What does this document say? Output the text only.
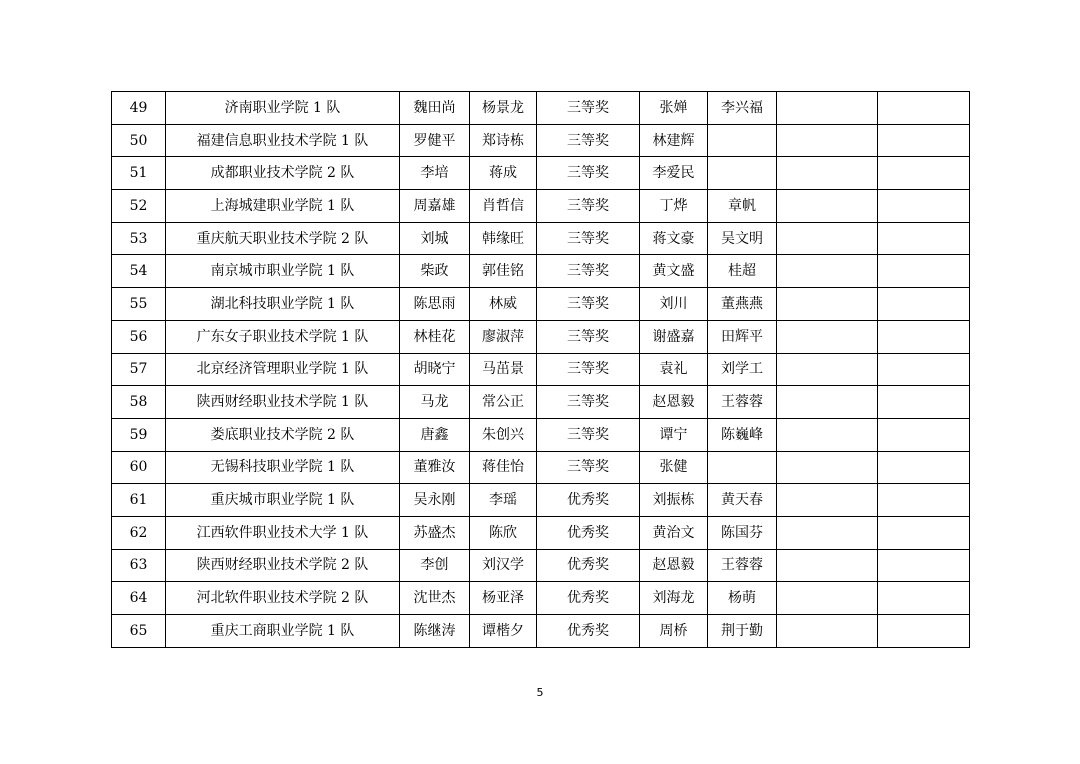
49	济南职业学院 1 队	魏田尚	杨景龙	三等奖	张婵	李兴福		
50	福建信息职业技术学院 1 队	罗健平	郑诗栋	三等奖	林建辉			
51	成都职业技术学院 2 队	李培	蒋成	三等奖	李爱民			
52	上海城建职业学院 1 队	周嘉雄	肖哲信	三等奖	丁烨	章帆		
53	重庆航天职业技术学院 2 队	刘城	韩缘旺	三等奖	蒋文豪	吴文明		
54	南京城市职业学院 1 队	柴政	郭佳铭	三等奖	黄文盛	桂超		
55	湖北科技职业学院 1 队	陈思雨	林威	三等奖	刘川	董燕燕		
56	广东女子职业技术学院 1 队	林桂花	廖淑萍	三等奖	谢盛嘉	田辉平		
57	北京经济管理职业学院 1 队	胡晓宁	马茁景	三等奖	袁礼	刘学工		
58	陕西财经职业技术学院 1 队	马龙	常公正	三等奖	赵恩毅	王蓉蓉		
59	娄底职业技术学院 2 队	唐鑫	朱创兴	三等奖	谭宁	陈巍峰		
60	无锡科技职业学院 1 队	董雅汝	蒋佳怡	三等奖	张健			
61	重庆城市职业学院 1 队	吴永刚	李瑶	优秀奖	刘振栋	黄天春		
62	江西软件职业技术大学 1 队	苏盛杰	陈欣	优秀奖	黄治文	陈国芬		
63	陕西财经职业技术学院 2 队	李创	刘汉学	优秀奖	赵恩毅	王蓉蓉		
64	河北软件职业技术学院 2 队	沈世杰	杨亚泽	优秀奖	刘海龙	杨萌		
65	重庆工商职业学院 1 队	陈继涛	谭楷夕	优秀奖	周桥	荆于勤		
5
